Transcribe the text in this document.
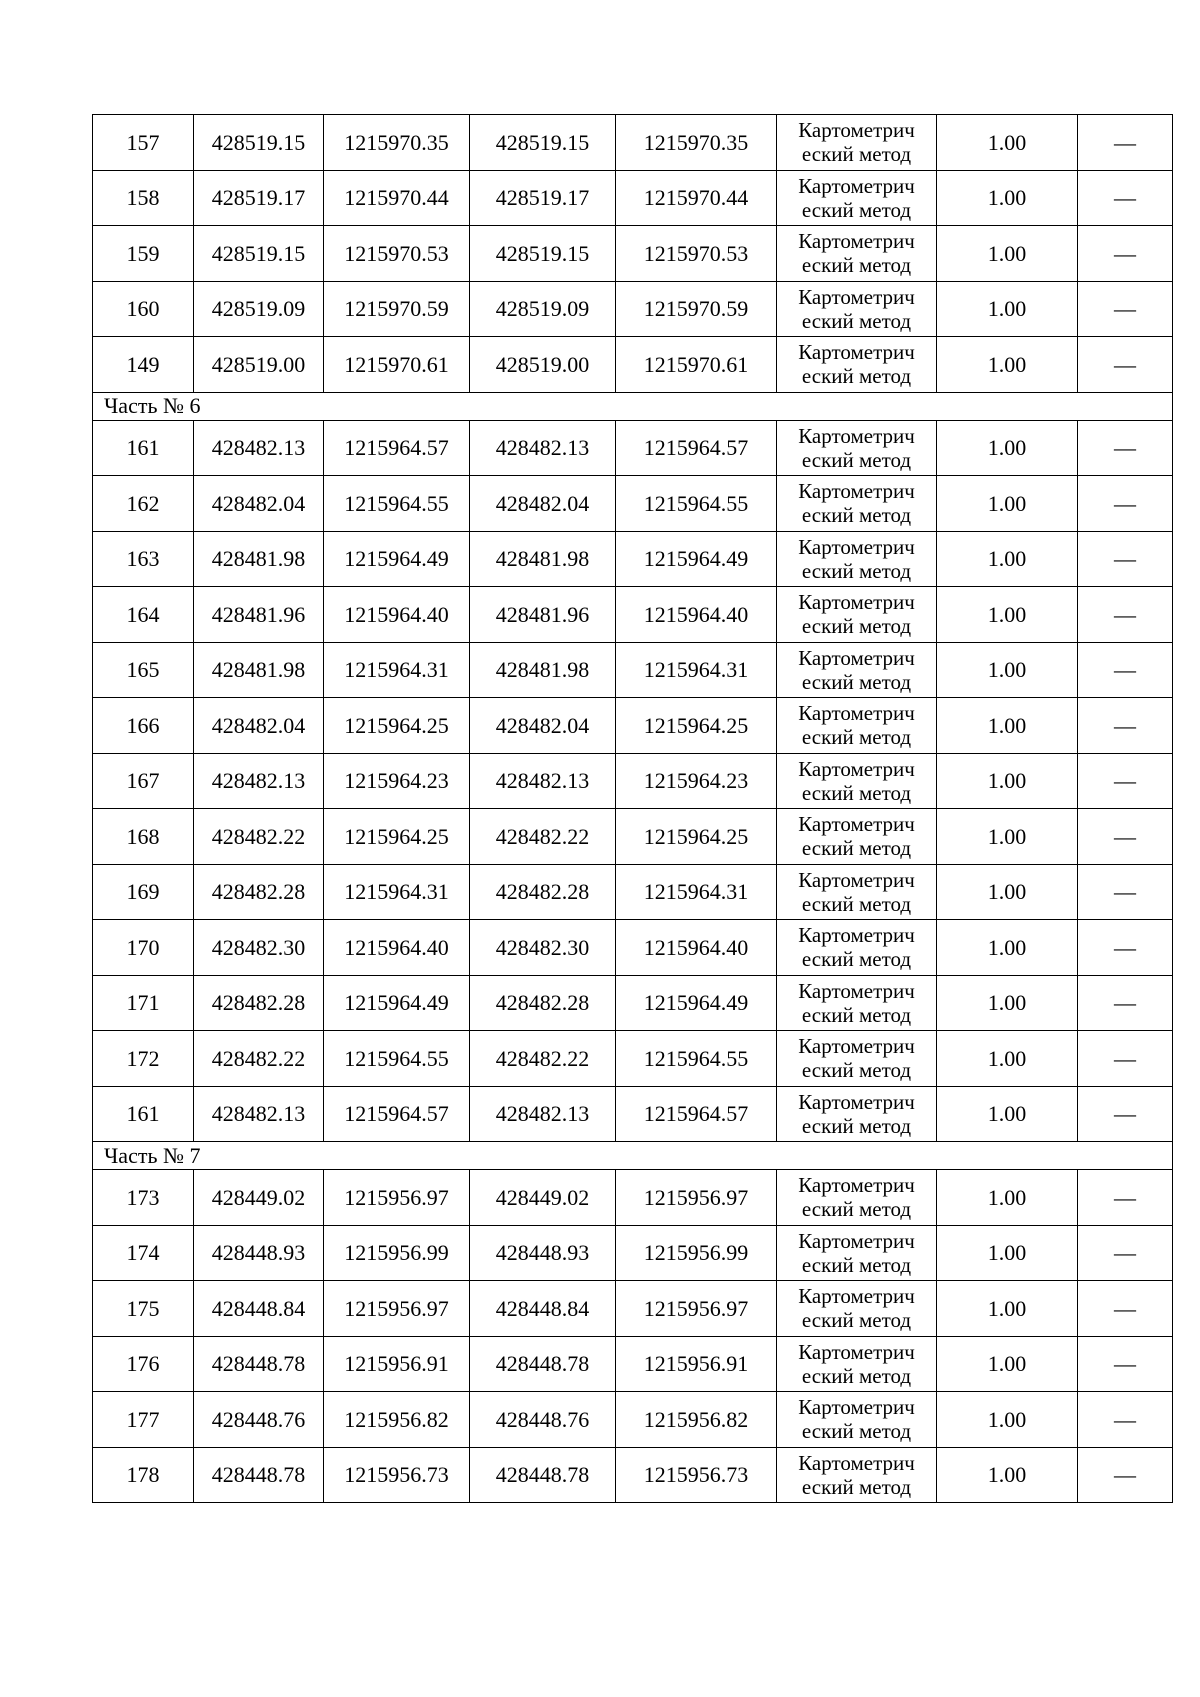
157	428519.15	1215970.35	428519.15	1215970.35	Картометрич еский метод	1.00	—
158	428519.17	1215970.44	428519.17	1215970.44	Картометрич еский метод	1.00	—
159	428519.15	1215970.53	428519.15	1215970.53	Картометрич еский метод	1.00	—
160	428519.09	1215970.59	428519.09	1215970.59	Картометрич еский метод	1.00	—
149	428519.00	1215970.61	428519.00	1215970.61	Картометрич еский метод	1.00	—
Часть № 6							
161	428482.13	1215964.57	428482.13	1215964.57	Картометрич еский метод	1.00	—
162	428482.04	1215964.55	428482.04	1215964.55	Картометрич еский метод	1.00	—
163	428481.98	1215964.49	428481.98	1215964.49	Картометрич еский метод	1.00	—
164	428481.96	1215964.40	428481.96	1215964.40	Картометрич еский метод	1.00	—
165	428481.98	1215964.31	428481.98	1215964.31	Картометрич еский метод	1.00	—
166	428482.04	1215964.25	428482.04	1215964.25	Картометрич еский метод	1.00	—
167	428482.13	1215964.23	428482.13	1215964.23	Картометрич еский метод	1.00	—
168	428482.22	1215964.25	428482.22	1215964.25	Картометрич еский метод	1.00	—
169	428482.28	1215964.31	428482.28	1215964.31	Картометрич еский метод	1.00	—
170	428482.30	1215964.40	428482.30	1215964.40	Картометрич еский метод	1.00	—
171	428482.28	1215964.49	428482.28	1215964.49	Картометрич еский метод	1.00	—
172	428482.22	1215964.55	428482.22	1215964.55	Картометрич еский метод	1.00	—
161	428482.13	1215964.57	428482.13	1215964.57	Картометрич еский метод	1.00	—
Часть № 7							
173	428449.02	1215956.97	428449.02	1215956.97	Картометрич еский метод	1.00	—
174	428448.93	1215956.99	428448.93	1215956.99	Картометрич еский метод	1.00	—
175	428448.84	1215956.97	428448.84	1215956.97	Картометрич еский метод	1.00	—
176	428448.78	1215956.91	428448.78	1215956.91	Картометрич еский метод	1.00	—
177	428448.76	1215956.82	428448.76	1215956.82	Картометрич еский метод	1.00	—
178	428448.78	1215956.73	428448.78	1215956.73	Картометрич еский метод	1.00	—
